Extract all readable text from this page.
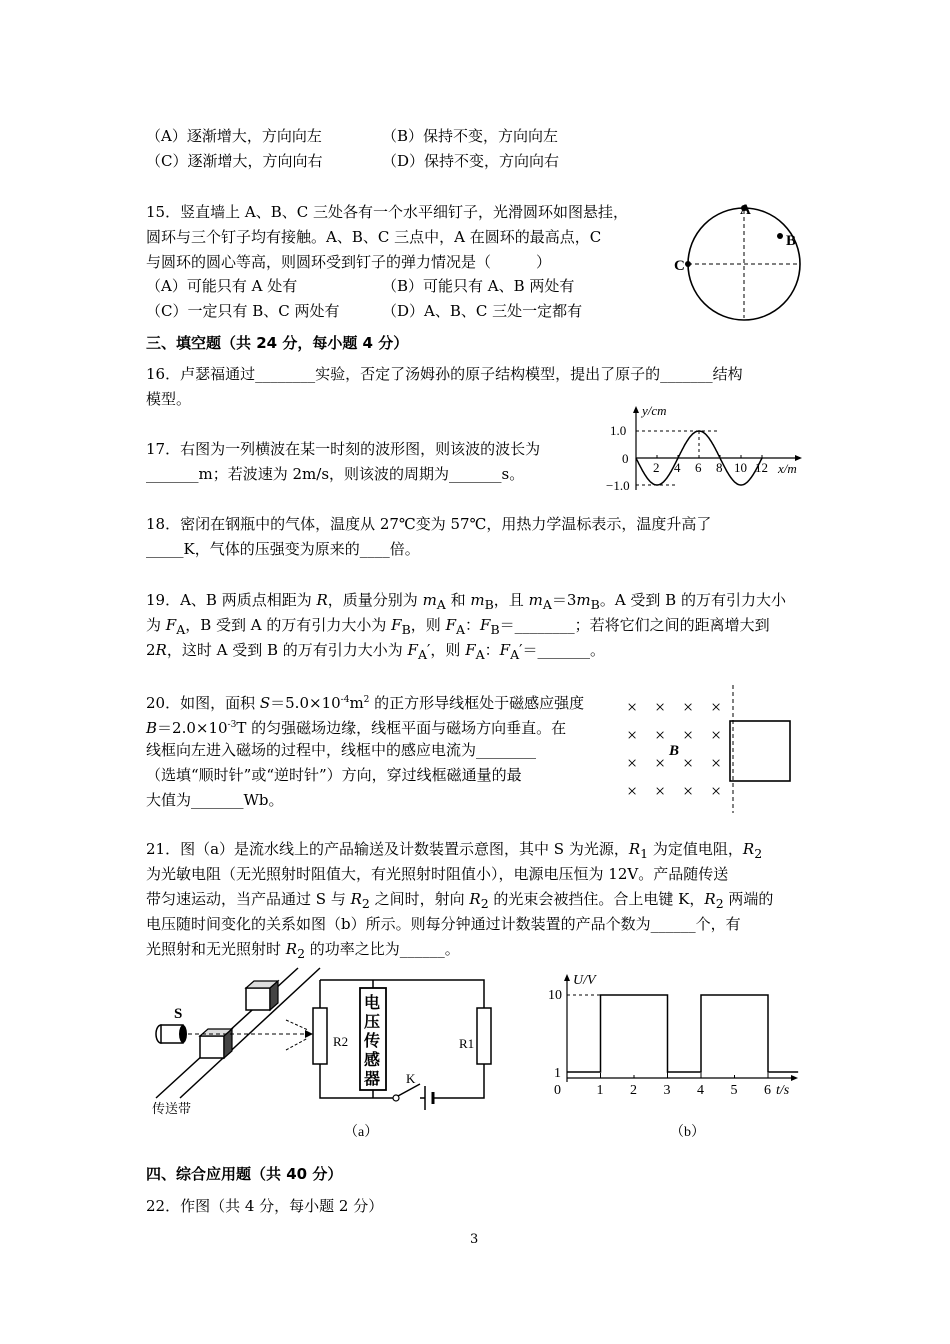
（A）逐渐增大，方向向左	（B）保持不变，方向向左
（C）逐渐增大，方向向右	（D）保持不变，方向向右
15．竖直墙上 A、B、C 三处各有一个水平细钉子，光滑圆环如图悬挂，
圆环与三个钉子均有接触。A、B、C 三点中，A 在圆环的最高点，C
与圆环的圆心等高，则圆环受到钉子的弹力情况是（　　　）
（A）可能只有 A 处有	（B）可能只有 A、B 两处有
（C）一定只有 B、C 两处有	（D）A、B、C 三处一定都有
A
B
C
三、填空题（共 24 分，每小题 4 分）
16．卢瑟福通过________实验，否定了汤姆孙的原子结构模型，提出了原子的_______结构
模型。
17．右图为一列横波在某一时刻的波形图，则该波的波长为
_______m；若波速为 2m/s，则该波的周期为_______s。
y/cm
x/m
1.0
0
−1.0
2 4 6 8 10 12
18．密闭在钢瓶中的气体，温度从 27℃变为 57℃，用热力学温标表示，温度升高了
_____K，气体的压强变为原来的____倍。
19．A、B 两质点相距为 R，质量分别为 $m_A$ 和 $m_B$，且 $m_A=3m_B$。A 受到 B 的万有引力大小
为 $F_A$，B 受到 A 的万有引力大小为 $F_B$，则 $F_A$：$F_B=\_\_\_\_\_\_\_\_$；若将它们之间的距离增大到
2R，这时 A 受到 B 的万有引力大小为 $F_A'$，则 $F_A$：$F_A'=\_\_\_\_\_\_\_$。
20．如图，面积 $S=5.0\times 10^{-4}m^2$ 的正方形导线框处于磁感应强度
$B=2.0\times 10^{-3}T$ 的匀强磁场边缘，线框平面与磁场方向垂直。在
线框向左进入磁场的过程中，线框中的感应电流为________
（选填“顺时针”或“逆时针”）方向，穿过线框磁通量的最
大值为_______Wb。
× × × ×
× × × ×
× × × ×
× × × ×
B
21．图（a）是流水线上的产品输送及计数装置示意图，其中 S 为光源，$R_1$ 为定值电阻，$R_2$
为光敏电阻（无光照射时阻值大，有光照射时阻值小），电源电压恒为 12V。产品随传送
带匀速运动，当产品通过 S 与 $R_2$ 之间时，射向 $R_2$ 的光束会被挡住。合上电键 K，$R_2$ 两端的
电压随时间变化的关系如图（b）所示。则每分钟通过计数装置的产品个数为______个，有
光照射和无光照射时 $R_2$ 的功率之比为______。
S
R2	R1
电
压
传
感
器 K
传送带
（a）
U/V
t/s
10
1
0	1 2 3 4 5 6
（b）
四、综合应用题（共 40 分）
22．作图（共 4 分，每小题 2 分）
3
